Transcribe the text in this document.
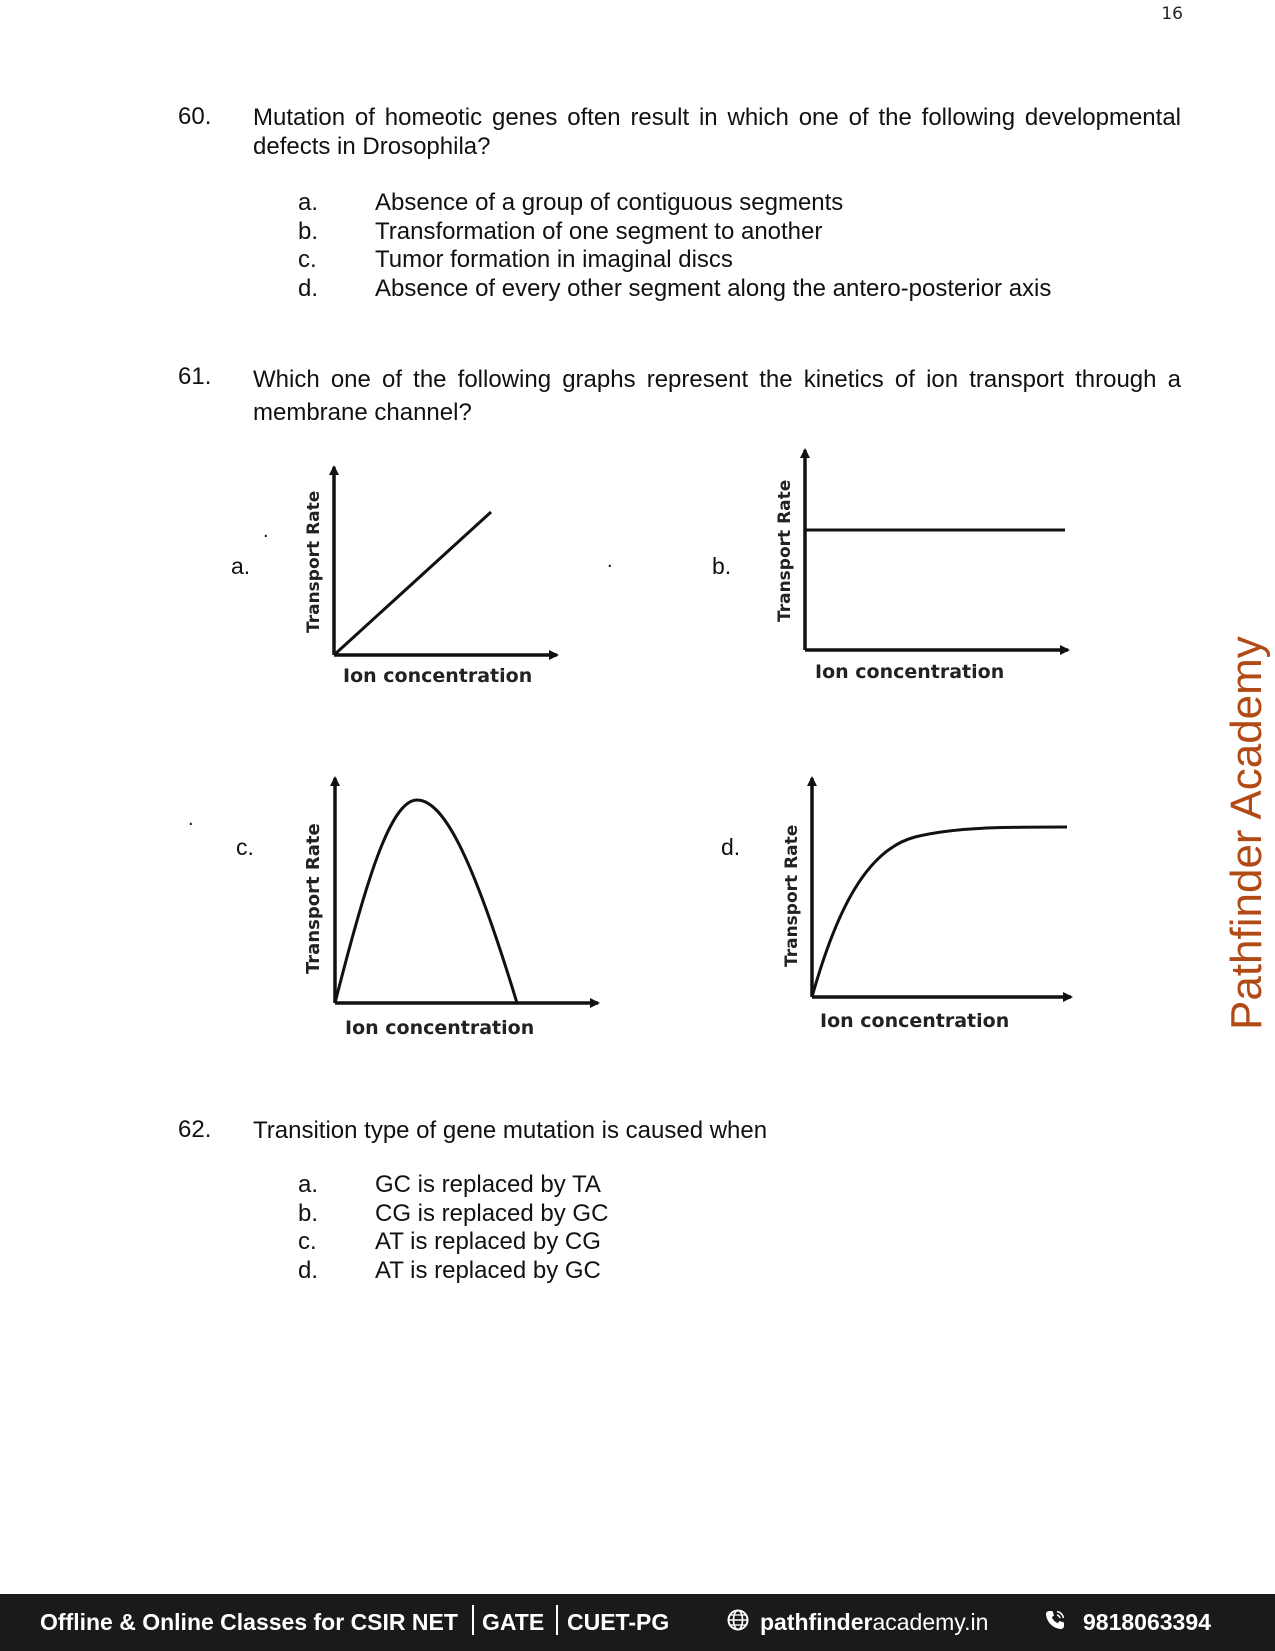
16
60. Mutation of homeotic genes often result in which one of the following developmental defects in Drosophila?
a. Absence of a group of contiguous segments
b. Transformation of one segment to another
c. Tumor formation in imaginal discs
d. Absence of every other segment along the antero-posterior axis
61. Which one of the following graphs represent the kinetics of ion transport through a membrane channel?
.
.
.
a.	b.
c.	d.
Ion concentration
Transport Rate
Ion concentration
Transport Rate
Ion concentration
Transport Rate
Ion concentration
Transport Rate
62. Transition type of gene mutation is caused when
a. GC is replaced by TA
b. CG is replaced by GC
c. AT is replaced by CG
d. AT is replaced by GC
Pathfinder Academy
Offline & Online Classes for CSIR NET GATE CUET-PG	pathfinderacademy.in	9818063394
